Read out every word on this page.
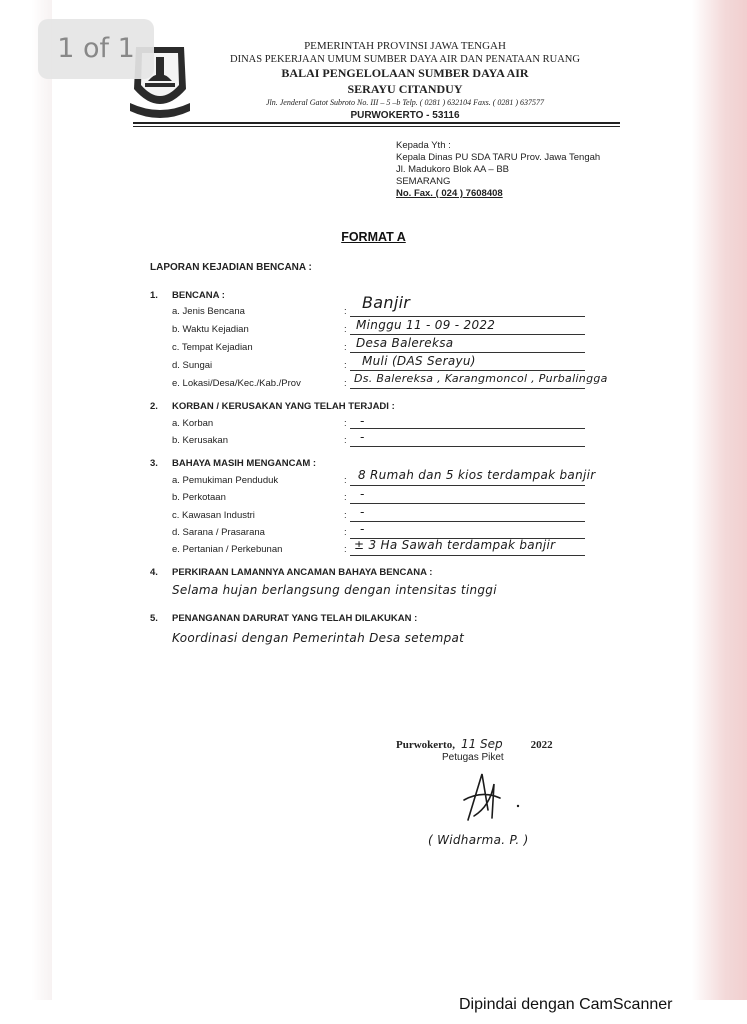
1 of 1	PEMERINTAH PROVINSI JAWA TENGAH
DINAS PEKERJAAN UMUM SUMBER DAYA AIR DAN PENATAAN RUANG
BALAI PENGELOLAAN SUMBER DAYA AIR
SERAYU CITANDUY
Jln. Jenderal Gatot Subroto No. III – 5 –b Telp. ( 0281 ) 632104 Faxs. ( 0281 ) 637577
PURWOKERTO - 53116
Kepada Yth :
Kepala Dinas PU SDA TARU Prov. Jawa Tengah
Jl. Madukoro Blok AA – BB
SEMARANG
No. Fax. ( 024 ) 7608408
FORMAT A
LAPORAN KEJADIAN BENCANA :
1. BENCANA :
a. Jenis Bencana	: Banjir
b. Waktu Kejadian	: Minggu 11 - 09 - 2022
c. Tempat Kejadian	: Desa Balereksa
d. Sungai	: Muli (DAS Serayu)
e. Lokasi/Desa/Kec./Kab./Prov	: Ds. Balereksa , Karangmoncol , Purbalingga
2. KORBAN / KERUSAKAN YANG TELAH TERJADI :
a. Korban	: -
b. Kerusakan	: -
3. BAHAYA MASIH MENGANCAM :
a. Pemukiman Penduduk	: 8 Rumah dan 5 kios terdampak banjir
b. Perkotaan	: -
c. Kawasan Industri	: -
d. Sarana / Prasarana	: -
e. Pertanian / Perkebunan	: ± 3 Ha Sawah terdampak banjir
4. PERKIRAAN LAMANNYA ANCAMAN BAHAYA BENCANA :
Selama hujan berlangsung dengan intensitas tinggi
5. PENANGANAN DARURAT YANG TELAH DILAKUKAN :
Koordinasi dengan Pemerintah Desa setempat
Purwokerto, 11 Sep	2022
Petugas Piket
( Widharma. P. )
Dipindai dengan CamScanner
